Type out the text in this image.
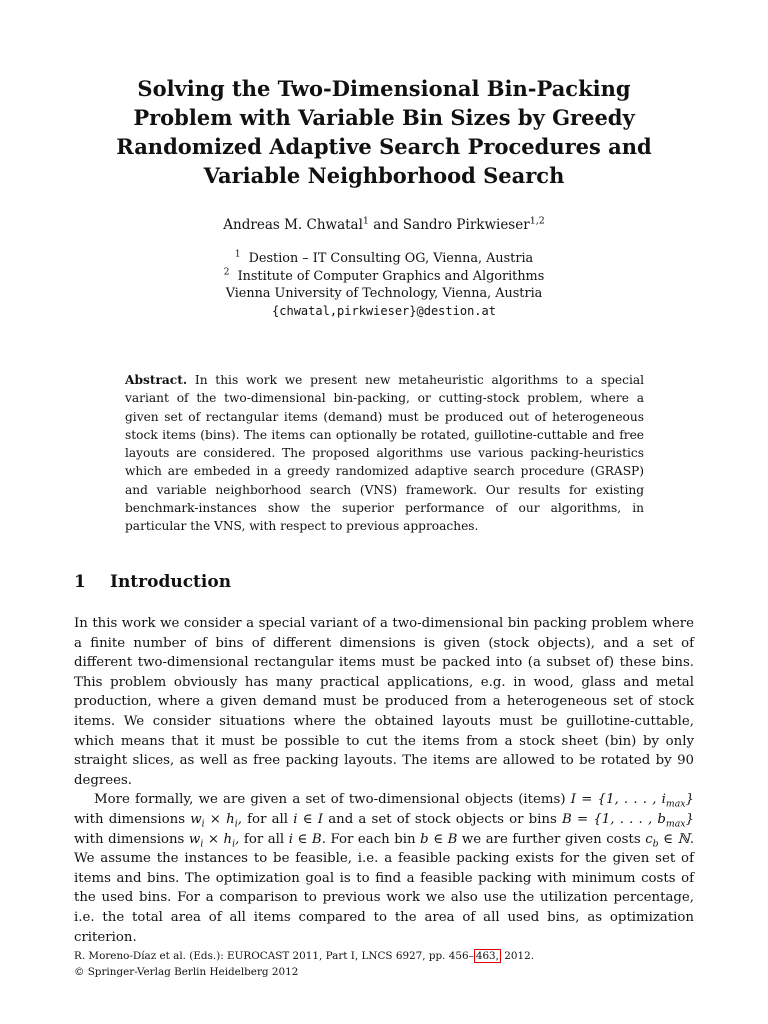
Solving the Two-Dimensional Bin-Packing
Problem with Variable Bin Sizes by Greedy
Randomized Adaptive Search Procedures and
Variable Neighborhood Search
Andreas M. Chwatal$^1$ and Sandro Pirkwieser$^{1,2}$
$^1$ Destion – IT Consulting OG, Vienna, Austria
$^2$ Institute of Computer Graphics and Algorithms
Vienna University of Technology, Vienna, Austria
{chwatal,pirkwieser}@destion.at
Abstract. In this work we present new metaheuristic algorithms to a special variant of the two-dimensional bin-packing, or cutting-stock problem, where a given set of rectangular items (demand) must be produced out of heterogeneous stock items (bins). The items can optionally be rotated, guillotine-cuttable and free layouts are considered. The proposed algorithms use various packing-heuristics which are embeded in a greedy randomized adaptive search procedure (GRASP) and variable neighborhood search (VNS) framework. Our results for existing benchmark-instances show the superior performance of our algorithms, in particular the VNS, with respect to previous approaches.
1 Introduction

In this work we consider a special variant of a two-dimensional bin packing problem where a finite number of bins of different dimensions is given (stock objects), and a set of different two-dimensional rectangular items must be packed into (a subset of) these bins. This problem obviously has many practical applications, e.g. in wood, glass and metal production, where a given demand must be produced from a heterogeneous set of stock items. We consider situations where the obtained layouts must be guillotine-cuttable, which means that it must be possible to cut the items from a stock sheet (bin) by only straight slices, as well as free packing layouts. The items are allowed to be rotated by 90 degrees.

More formally, we are given a set of two-dimensional objects (items) I = {1, . . . , $i_{max}$} with dimensions $w_i \times h_i$, for all i ∈ I and a set of stock objects or bins B = {1, . . . , $b_{max}$} with dimensions $w_i \times h_i$, for all i ∈ B. For each bin b ∈ B we are further given costs $c_b$ ∈ ℕ. We assume the instances to be feasible, i.e. a feasible packing exists for the given set of items and bins. The optimization goal is to find a feasible packing with minimum costs of the used bins. For a comparison to previous work we also use the utilization percentage, i.e. the total area of all items compared to the area of all used bins, as optimization criterion.

R. Moreno-Díaz et al. (Eds.): EUROCAST 2011, Part I, LNCS 6927, pp. 456– 463, 2012.
© Springer-Verlag Berlin Heidelberg 2012
